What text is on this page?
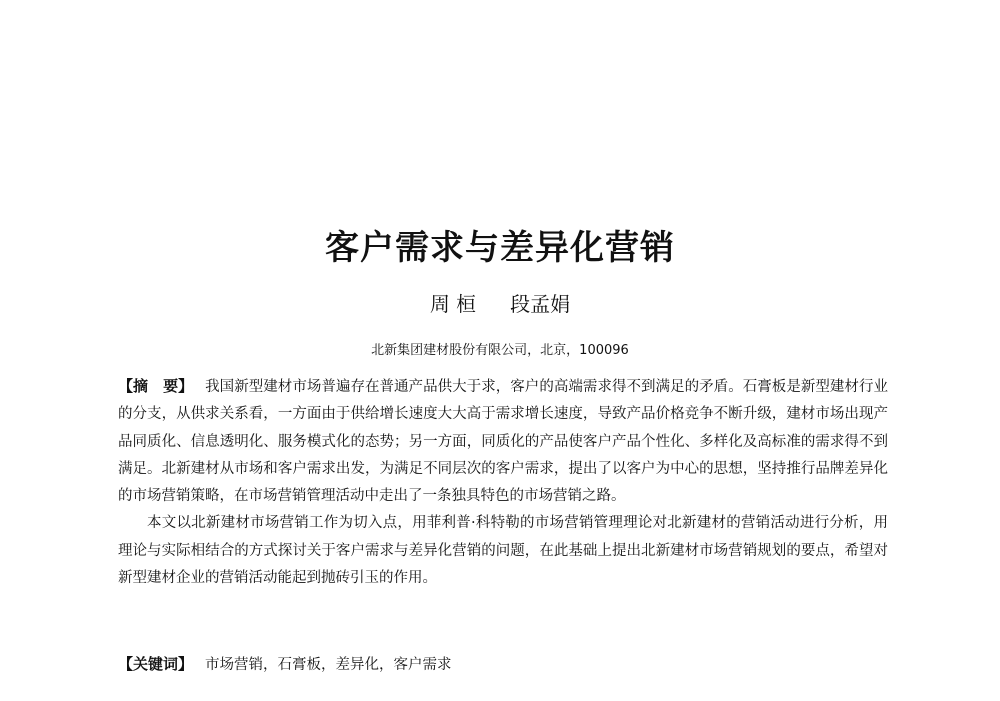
客户需求与差异化营销
周 桓 段孟娟
北新集团建材股份有限公司，北京，100096

【摘　要】 我国新型建材市场普遍存在普通产品供大于求，客户的高端需求得不到满足的矛盾。石膏板是新型建材行业的分支，从供求关系看，一方面由于供给增长速度大大高于需求增长速度，导致产品价格竞争不断升级，建材市场出现产品同质化、信息透明化、服务模式化的态势；另一方面，同质化的产品使客户产品个性化、多样化及高标准的需求得不到满足。北新建材从市场和客户需求出发，为满足不同层次的客户需求，提出了以客户为中心的思想，坚持推行品牌差异化的市场营销策略，在市场营销管理活动中走出了一条独具特色的市场营销之路。

本文以北新建材市场营销工作为切入点，用菲利普·科特勒的市场营销管理理论对北新建材的营销活动进行分析，用理论与实际相结合的方式探讨关于客户需求与差异化营销的问题，在此基础上提出北新建材市场营销规划的要点，希望对新型建材企业的营销活动能起到抛砖引玉的作用。

【关键词】 市场营销，石膏板，差异化，客户需求
